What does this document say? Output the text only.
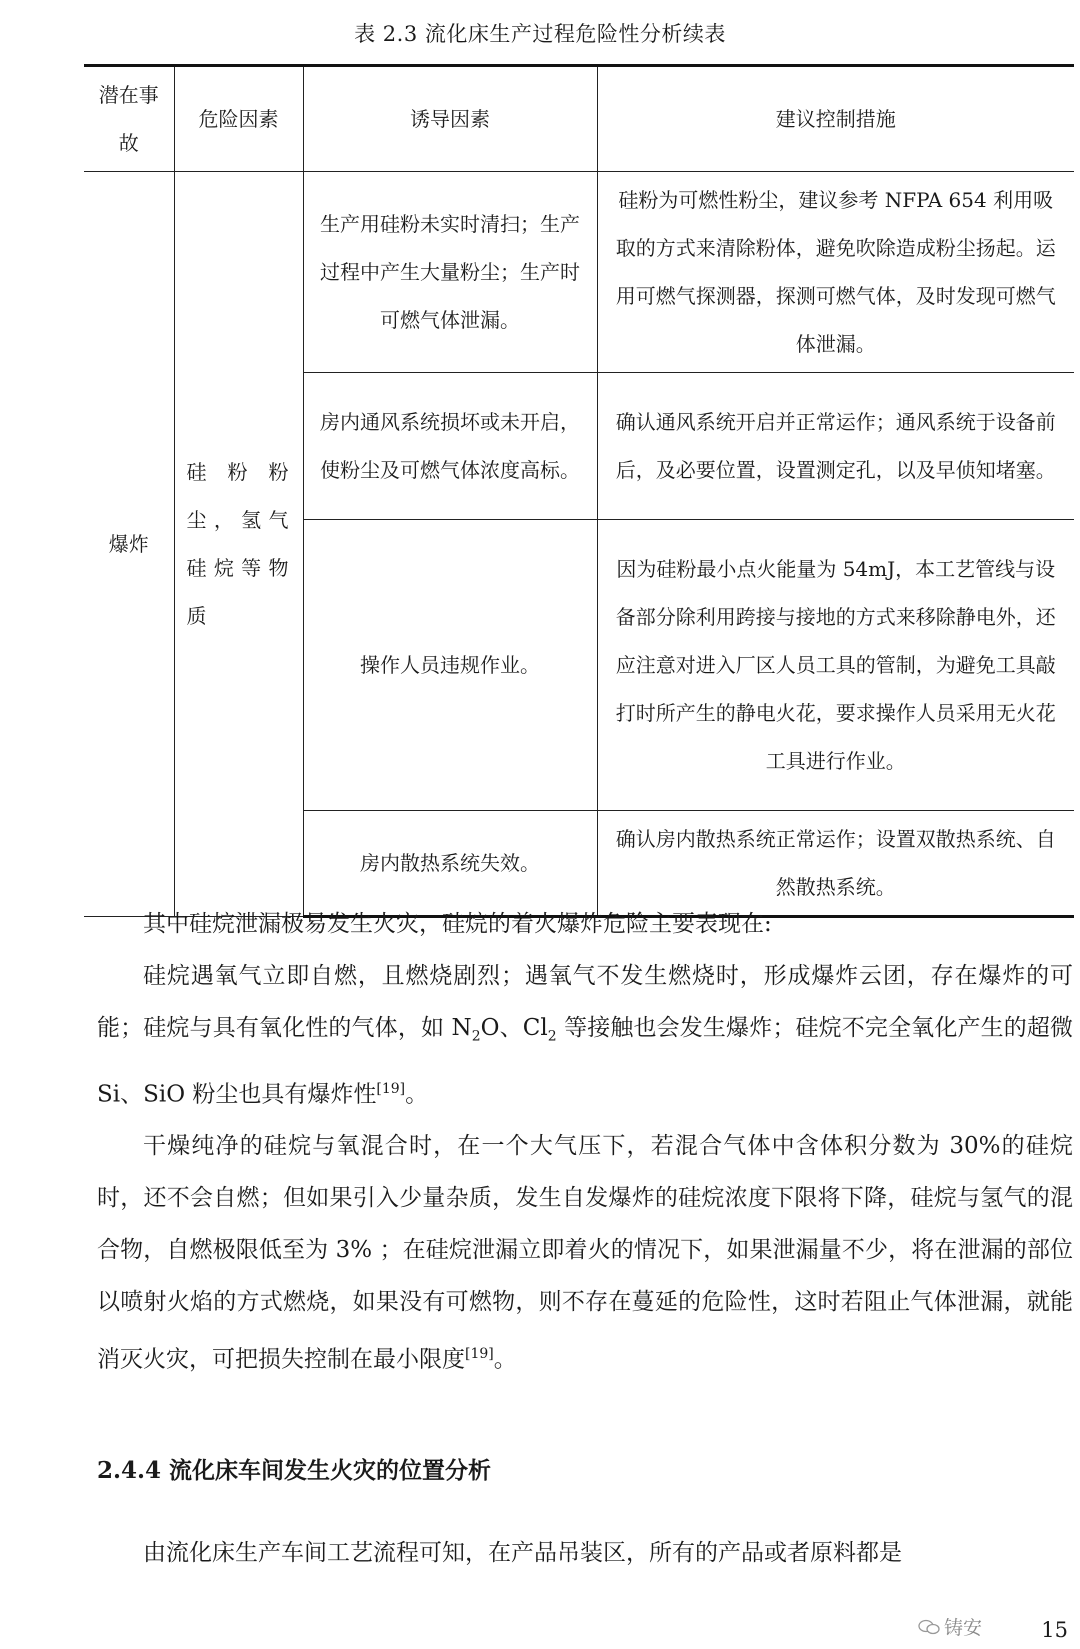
表 2.3 流化床生产过程危险性分析续表
潜在事故	危险因素	诱导因素	建议控制措施
爆炸	硅粉粉尘，氢气硅烷等物质	生产用硅粉未实时清扫；生产过程中产生大量粉尘；生产时可燃气体泄漏。	硅粉为可燃性粉尘，建议参考 NFPA 654 利用吸取的方式来清除粉体，避免吹除造成粉尘扬起。运用可燃气探测器，探测可燃气体，及时发现可燃气体泄漏。
		房内通风系统损坏或未开启，使粉尘及可燃气体浓度高标。	确认通风系统开启并正常运作；通风系统于设备前后，及必要位置，设置测定孔，以及早侦知堵塞。
		操作人员违规作业。	因为硅粉最小点火能量为 54mJ，本工艺管线与设备部分除利用跨接与接地的方式来移除静电外，还应注意对进入厂区人员工具的管制，为避免工具敲打时所产生的静电火花，要求操作人员采用无火花工具进行作业。
		房内散热系统失效。	确认房内散热系统正常运作；设置双散热系统、自然散热系统。

其中硅烷泄漏极易发生火灾，硅烷的着火爆炸危险主要表现在:

硅烷遇氧气立即自燃，且燃烧剧烈；遇氧气不发生燃烧时，形成爆炸云团，存在爆炸的可能；硅烷与具有氧化性的气体，如 $N_2O$、$Cl_2$ 等接触也会发生爆炸；硅烷不完全氧化产生的超微 Si、SiO 粉尘也具有爆炸性[19]。

干燥纯净的硅烷与氧混合时，在一个大气压下，若混合气体中含体积分数为 30%的硅烷时，还不会自燃；但如果引入少量杂质，发生自发爆炸的硅烷浓度下限将下降，硅烷与氢气的混合物，自燃极限低至为 3% ；在硅烷泄漏立即着火的情况下，如果泄漏量不少，将在泄漏的部位以喷射火焰的方式燃烧，如果没有可燃物，则不存在蔓延的危险性，这时若阻止气体泄漏，就能消灭火灾，可把损失控制在最小限度[19]。

2.4.4 流化床车间发生火灾的位置分析

由流化床生产车间工艺流程可知，在产品吊装区，所有的产品或者原料都是

铸安	15
